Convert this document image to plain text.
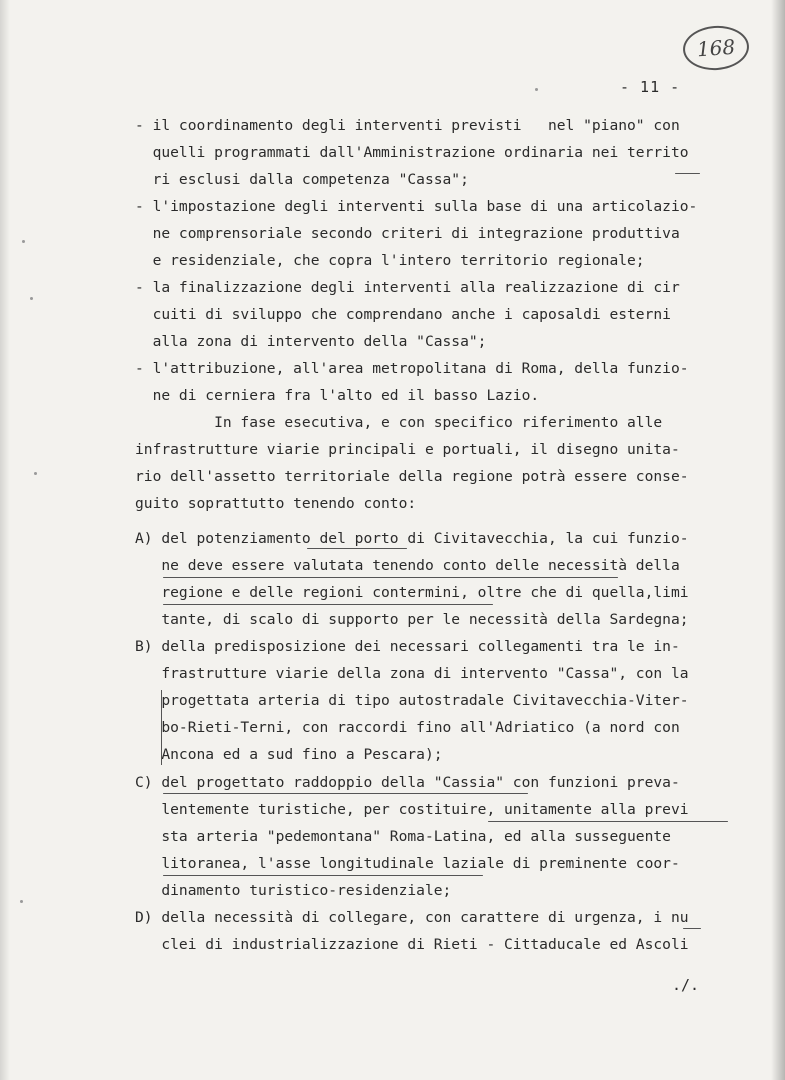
168
- 11 -
- il coordinamento degli interventi previsti   nel "piano" con
quelli programmati dall'Amministrazione ordinaria nei territo
ri esclusi dalla competenza "Cassa";
- l'impostazione degli interventi sulla base di una articolazio-
ne comprensoriale secondo criteri di integrazione produttiva
e residenziale, che copra l'intero territorio regionale;
- la finalizzazione degli interventi alla realizzazione di cir
cuiti di sviluppo che comprendano anche i caposaldi esterni
alla zona di intervento della "Cassa";
- l'attribuzione, all'area metropolitana di Roma, della funzio-
ne di cerniera fra l'alto ed il basso Lazio.
In fase esecutiva, e con specifico riferimento alle
infrastrutture viarie principali e portuali, il disegno unita-
rio dell'assetto territoriale della regione potrà essere conse-
guito soprattutto tenendo conto:
A) del potenziamento del porto di Civitavecchia, la cui funzio-
ne deve essere valutata tenendo conto delle necessità della
regione e delle regioni contermini, oltre che di quella,limi
tante, di scalo di supporto per le necessità della Sardegna;
B) della predisposizione dei necessari collegamenti tra le in-
frastrutture viarie della zona di intervento "Cassa", con la
progettata arteria di tipo autostradale Civitavecchia-Viter-
bo-Rieti-Terni, con raccordi fino all'Adriatico (a nord con
Ancona ed a sud fino a Pescara);
C) del progettato raddoppio della "Cassia" con funzioni preva-
lentemente turistiche, per costituire, unitamente alla previ
sta arteria "pedemontana" Roma-Latina, ed alla susseguente
litoranea, l'asse longitudinale laziale di preminente coor-
dinamento turistico-residenziale;
D) della necessità di collegare, con carattere di urgenza, i nu
clei di industrializzazione di Rieti - Cittaducale ed Ascoli
./.
